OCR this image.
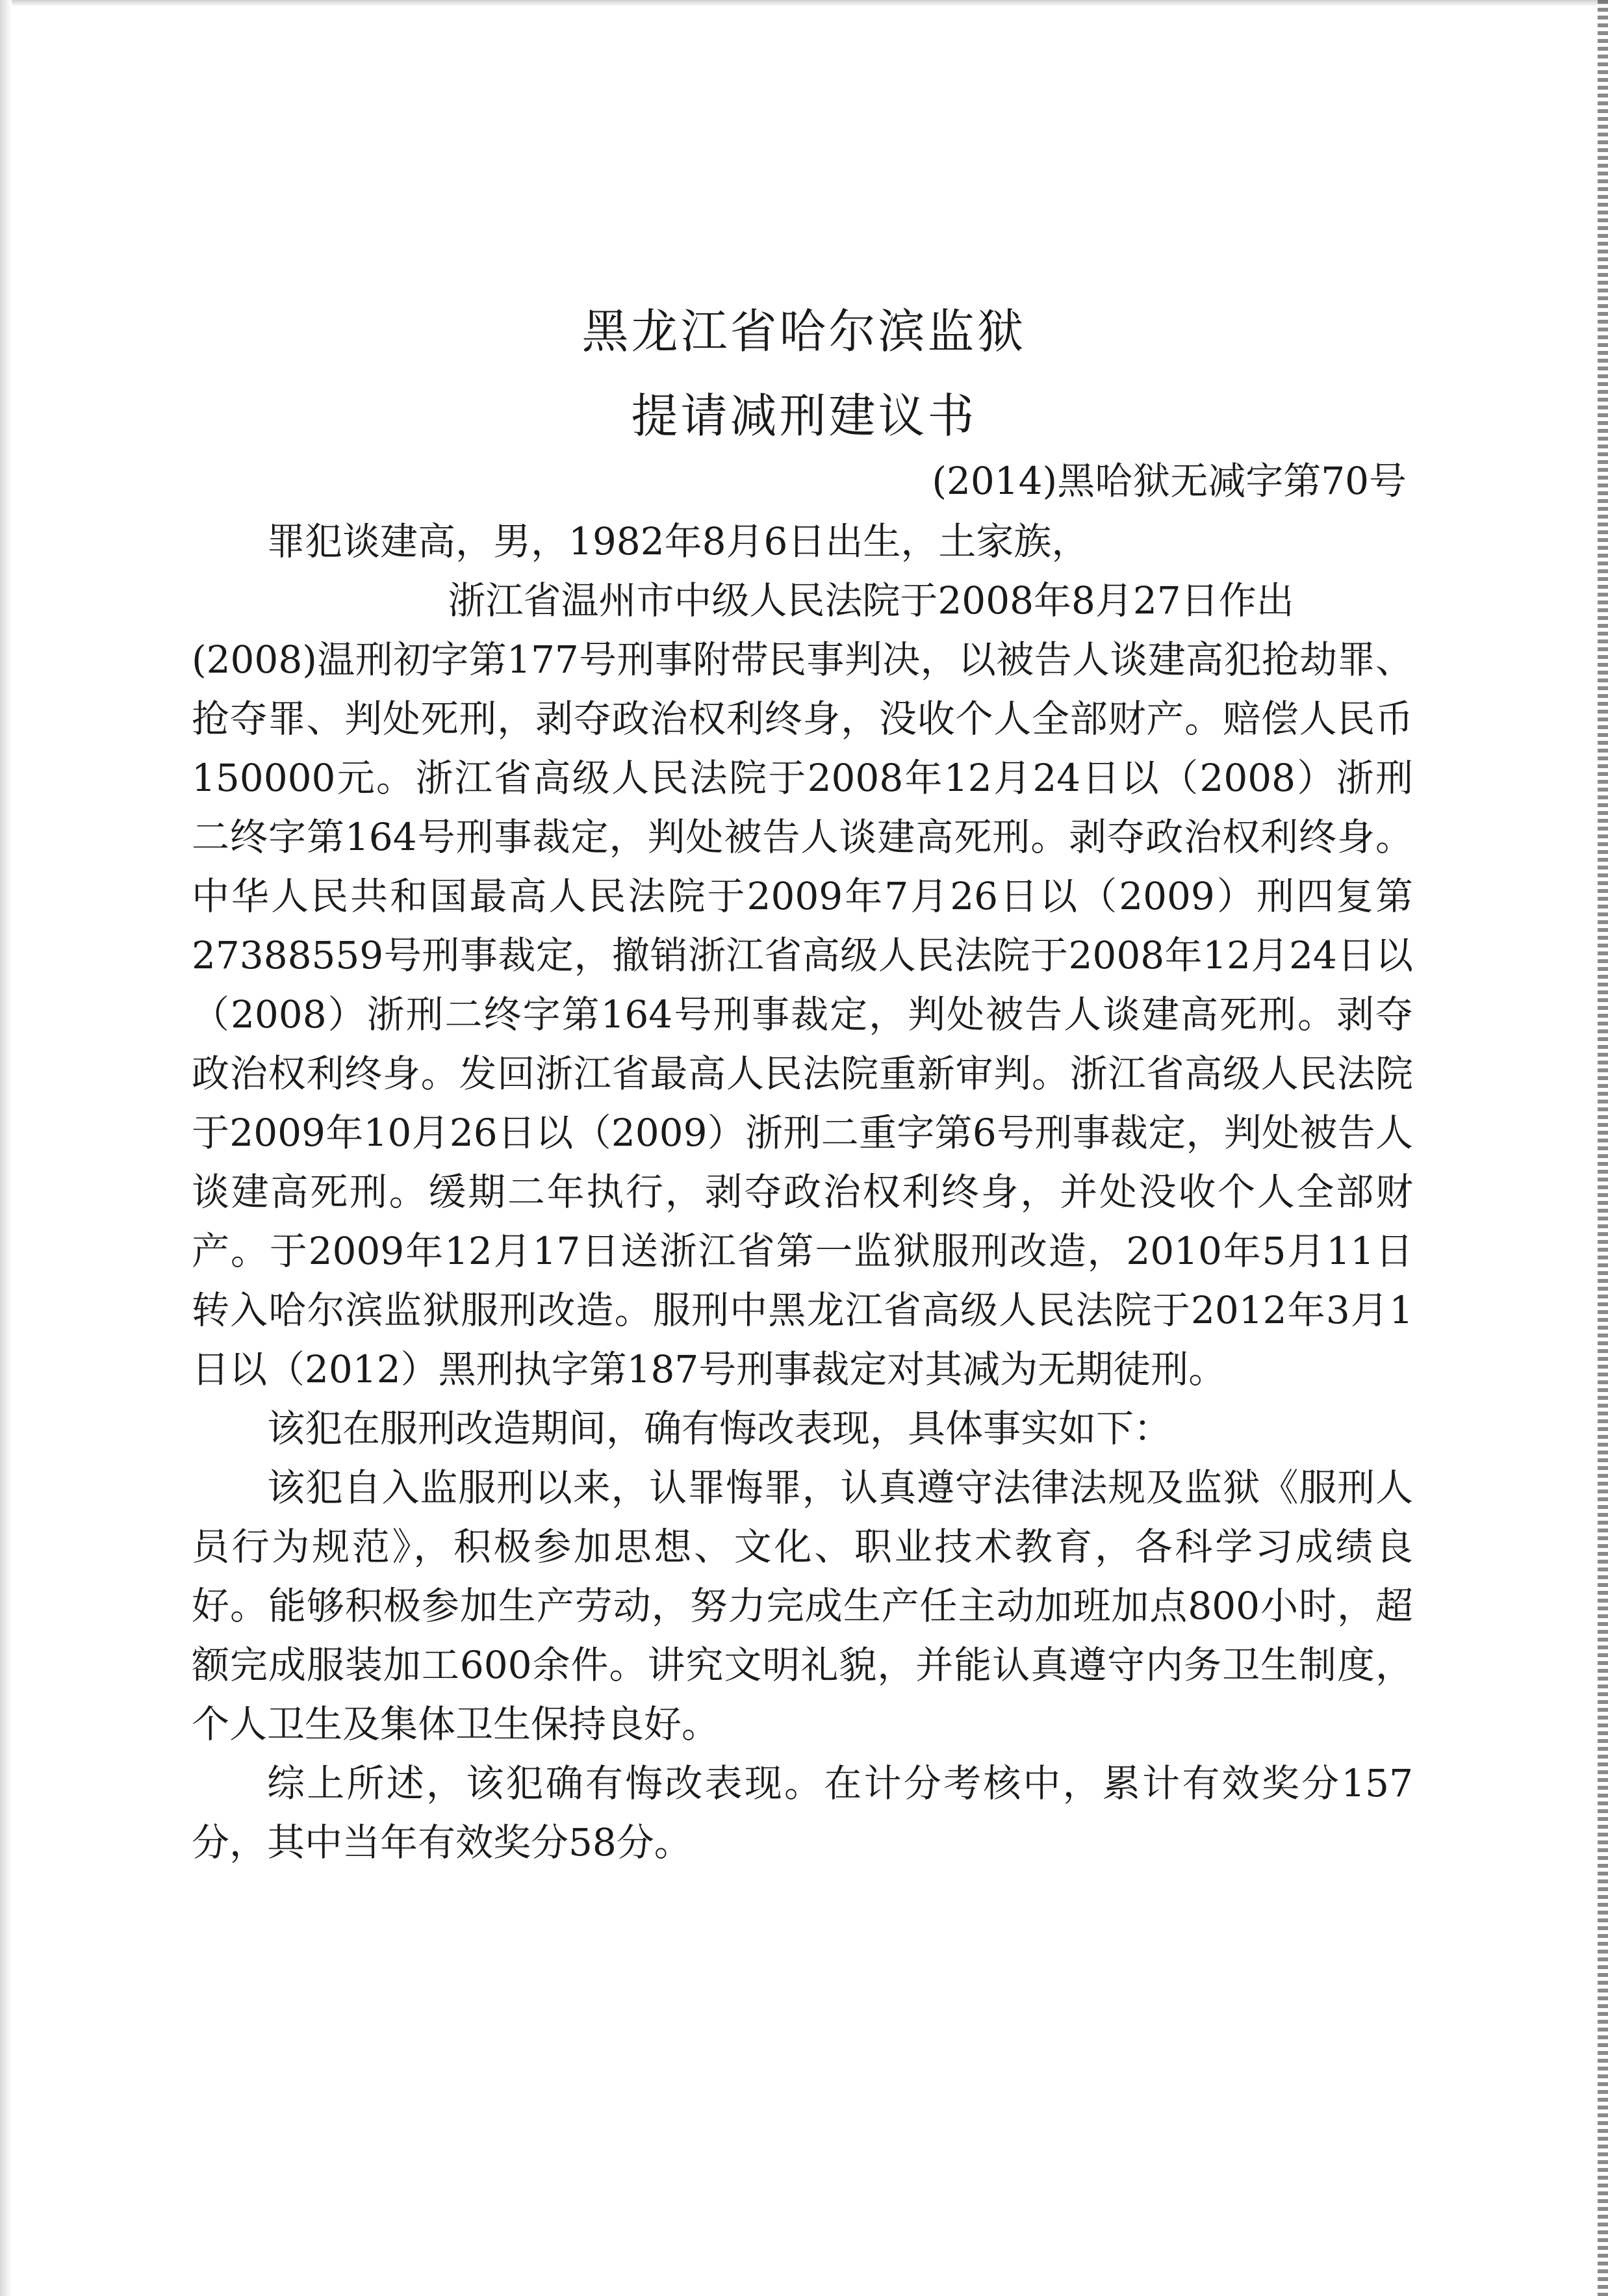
黑龙江省哈尔滨监狱
提请减刑建议书
(2014)黑哈狱无减字第70号

罪犯谈建高，男，1982年8月6日出生，土家族，

浙江省温州市中级人民法院于2008年8月27日作出

(2008)温刑初字第177号刑事附带民事判决，以被告人谈建高犯抢劫罪、抢夺罪、判处死刑，剥夺政治权利终身，没收个人全部财产。赔偿人民币150000元。浙江省高级人民法院于2008年12月24日以（2008）浙刑二终字第164号刑事裁定，判处被告人谈建高死刑。剥夺政治权利终身。中华人民共和国最高人民法院于2009年7月26日以（2009）刑四复第27388559号刑事裁定，撤销浙江省高级人民法院于2008年12月24日以（2008）浙刑二终字第164号刑事裁定，判处被告人谈建高死刑。剥夺政治权利终身。发回浙江省最高人民法院重新审判。浙江省高级人民法院于2009年10月26日以（2009）浙刑二重字第6号刑事裁定，判处被告人谈建高死刑。缓期二年执行，剥夺政治权利终身，并处没收个人全部财产。于2009年12月17日送浙江省第一监狱服刑改造，2010年5月11日转入哈尔滨监狱服刑改造。服刑中黑龙江省高级人民法院于2012年3月1日以（2012）黑刑执字第187号刑事裁定对其减为无期徒刑。

该犯在服刑改造期间，确有悔改表现，具体事实如下：

该犯自入监服刑以来，认罪悔罪，认真遵守法律法规及监狱《服刑人员行为规范》，积极参加思想、文化、职业技术教育，各科学习成绩良好。能够积极参加生产劳动，努力完成生产任主动加班加点800小时，超额完成服装加工600余件。讲究文明礼貌，并能认真遵守内务卫生制度，个人卫生及集体卫生保持良好。

综上所述，该犯确有悔改表现。在计分考核中，累计有效奖分157分，其中当年有效奖分58分。
